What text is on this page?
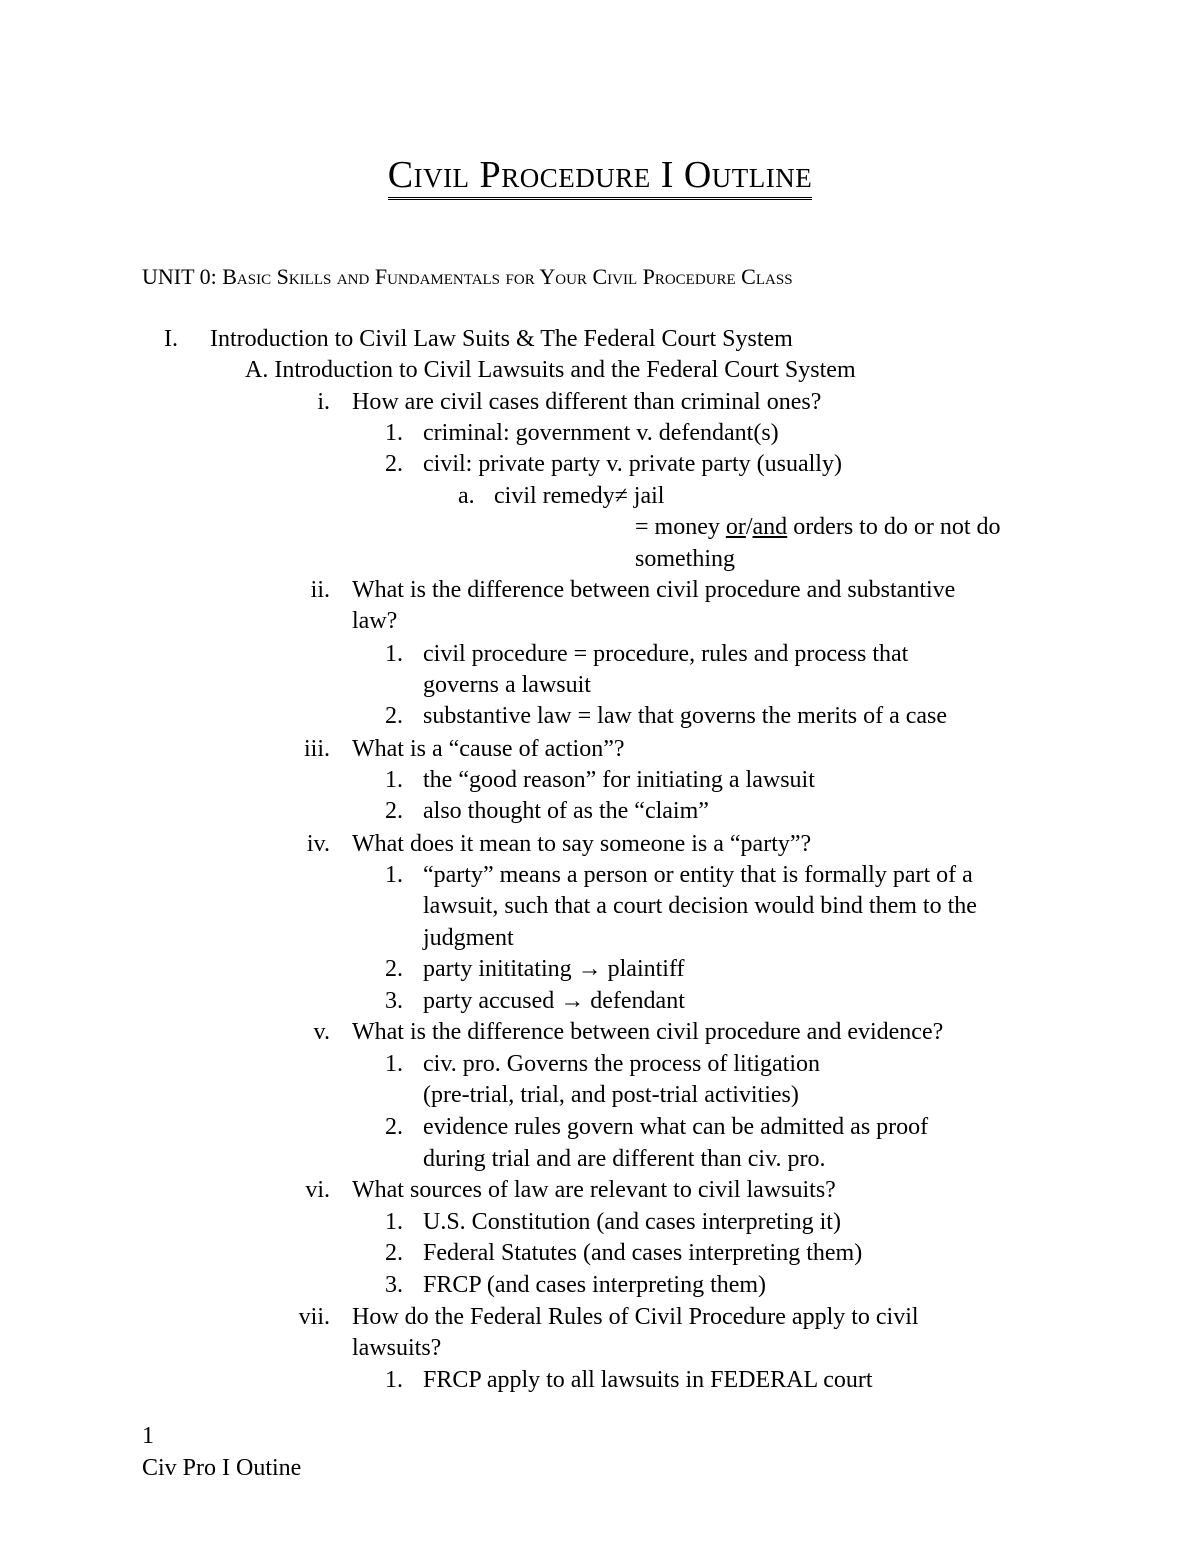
Civil Procedure I Outline
UNIT 0: Basic Skills and Fundamentals for Your Civil Procedure Class
I. Introduction to Civil Law Suits & The Federal Court System
A. Introduction to Civil Lawsuits and the Federal Court System
i. How are civil cases different than criminal ones?
1. criminal: government v. defendant(s)
2. civil: private party v. private party (usually)
a. civil remedy≠ jail
= money or/and orders to do or not do
something
ii. What is the difference between civil procedure and substantive
law?
1. civil procedure = procedure, rules and process that
governs a lawsuit
2. substantive law = law that governs the merits of a case
iii. What is a “cause of action”?
1. the “good reason” for initiating a lawsuit
2. also thought of as the “claim”
iv. What does it mean to say someone is a “party”?
1. “party” means a person or entity that is formally part of a
lawsuit, such that a court decision would bind them to the
judgment
2. party inititating → plaintiff
3. party accused → defendant
v. What is the difference between civil procedure and evidence?
1. civ. pro. Governs the process of litigation
(pre-trial, trial, and post-trial activities)
2. evidence rules govern what can be admitted as proof
during trial and are different than civ. pro.
vi. What sources of law are relevant to civil lawsuits?
1. U.S. Constitution (and cases interpreting it)
2. Federal Statutes (and cases interpreting them)
3. FRCP (and cases interpreting them)
vii. How do the Federal Rules of Civil Procedure apply to civil
lawsuits?
1. FRCP apply to all lawsuits in FEDERAL court
1
Civ Pro I Outine
